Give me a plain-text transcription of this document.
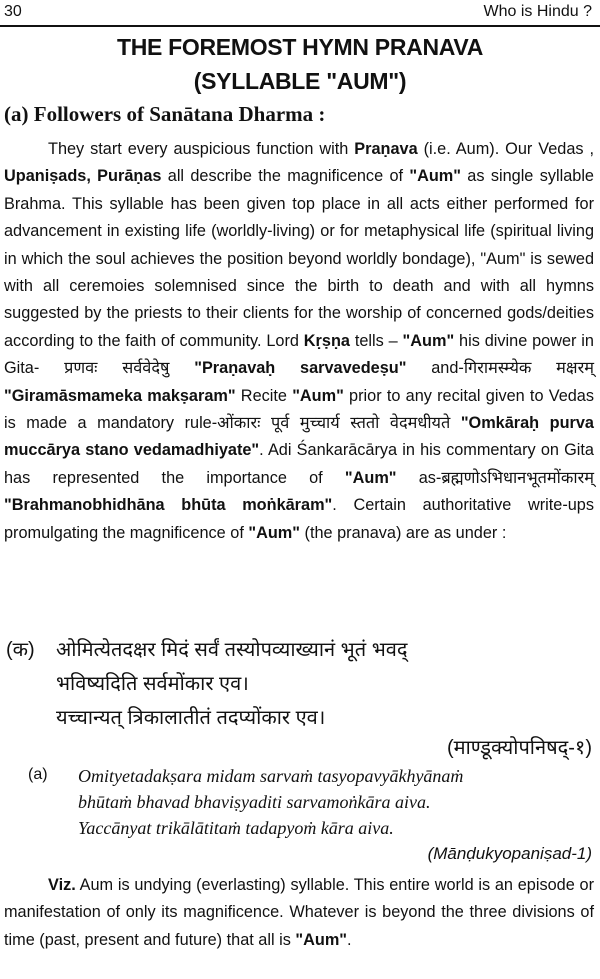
30	Who is Hindu ?
THE FOREMOST HYMN PRANAVA
(SYLLABLE "AUM")
(a) Followers of Sanātana Dharma :
They start every auspicious function with Praṇava (i.e. Aum). Our Vedas , Upaniṣads, Purāṇas all describe the magnificence of "Aum" as single syllable Brahma. This syllable has been given top place in all acts either performed for advancement in existing life (worldly-living) or for metaphysical life (spiritual living in which the soul achieves the position beyond worldly bondage), "Aum" is sewed with all ceremoies solemnised since the birth to death and with all hymns suggested by the priests to their clients for the worship of concerned gods/deities according to the faith of community. Lord Kṛṣṇa tells – "Aum" his divine power in Gita- प्रणवः सर्ववेदेषु "Praṇavaḥ sarvavedeṣu" and-गिरामस्म्येक मक्षरम् "Giramāsmameka makṣaram" Recite "Aum" prior to any recital given to Vedas is made a mandatory rule-ओंकारः पूर्व मुच्चार्य स्ततो वेदमधीयते "Omkāraḥ purva muccārya stano vedamadhiyate". Adi Śankarācārya in his commentary on Gita has represented the importance of "Aum" as-ब्रह्मणोऽभिधानभूतमोंकारम् "Brahmanobhidhāna bhūta moṅkāram". Certain authoritative write-ups promulgating the magnificence of "Aum" (the pranava) are as under :
(क) ओमित्येतदक्षर मिदं सर्वं तस्योपव्याख्यानं भूतं भवद्
भविष्यदिति सर्वमोंकार एव।
यच्चान्यत् त्रिकालातीतं तदप्योंकार एव।
(माण्डूक्योपनिषद्-१)
(a) Omityetadakṣara midam sarvaṁ tasyopavyākhyānaṁ
bhūtaṁ bhavad bhaviṣyaditi sarvamoṅkāra aiva.
Yaccānyat trikālātitaṁ tadapyoṁ kāra aiva.
(Mānḍukyopaniṣad-1)
Viz. Aum is undying (everlasting) syllable. This entire world is an episode or manifestation of only its magnificence. Whatever is beyond the three divisions of time (past, present and future) that all is "Aum".
